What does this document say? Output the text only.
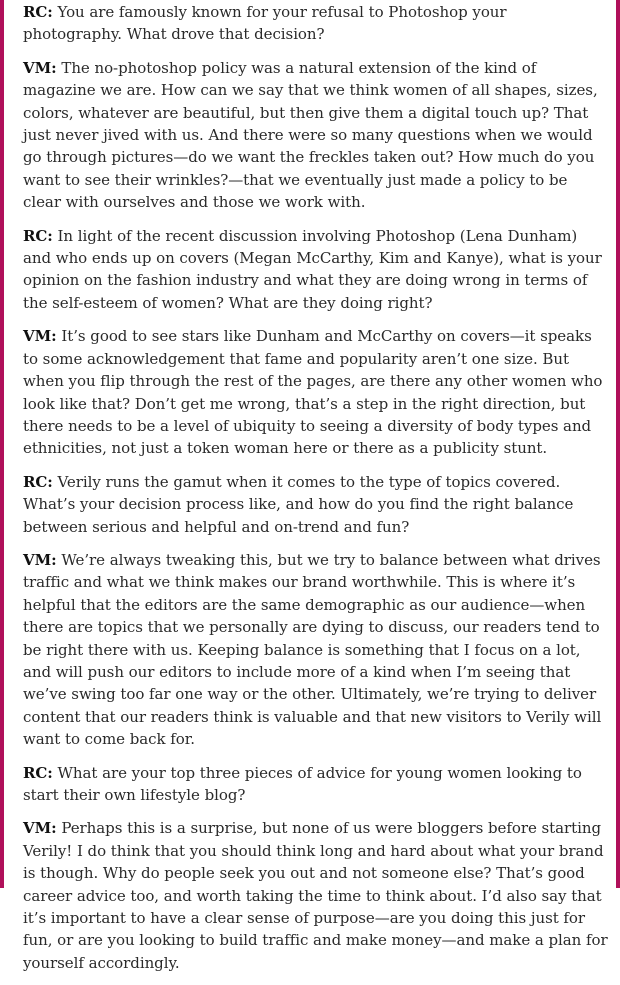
RC: You are famously known for your refusal to Photoshop your photography. What drove that decision?

VM: The no-photoshop policy was a natural extension of the kind of magazine we are. How can we say that we think women of all shapes, sizes, colors, whatever are beautiful, but then give them a digital touch up? That just never jived with us. And there were so many questions when we would go through pictures—do we want the freckles taken out? How much do you want to see their wrinkles?—that we eventually just made a policy to be clear with ourselves and those we work with.

RC: In light of the recent discussion involving Photoshop (Lena Dunham) and who ends up on covers (Megan McCarthy, Kim and Kanye), what is your opinion on the fashion industry and what they are doing wrong in terms of the self-esteem of women? What are they doing right?

VM: It’s good to see stars like Dunham and McCarthy on covers—it speaks to some acknowledgement that fame and popularity aren’t one size. But when you flip through the rest of the pages, are there any other women who look like that? Don’t get me wrong, that’s a step in the right direction, but there needs to be a level of ubiquity to seeing a diversity of body types and ethnicities, not just a token woman here or there as a publicity stunt.

RC: Verily runs the gamut when it comes to the type of topics covered. What’s your decision process like, and how do you find the right balance between serious and helpful and on-trend and fun?

VM: We’re always tweaking this, but we try to balance between what drives traffic and what we think makes our brand worthwhile. This is where it’s helpful that the editors are the same demographic as our audience—when there are topics that we personally are dying to discuss, our readers tend to be right there with us. Keeping balance is something that I focus on a lot, and will push our editors to include more of a kind when I’m seeing that we’ve swing too far one way or the other. Ultimately, we’re trying to deliver content that our readers think is valuable and that new visitors to Verily will want to come back for.

RC: What are your top three pieces of advice for young women looking to start their own lifestyle blog?

VM: Perhaps this is a surprise, but none of us were bloggers before starting Verily! I do think that you should think long and hard about what your brand is though. Why do people seek you out and not someone else? That’s good career advice too, and worth taking the time to think about. I’d also say that it’s important to have a clear sense of purpose—are you doing this just for fun, or are you looking to build traffic and make money—and make a plan for yourself accordingly.
